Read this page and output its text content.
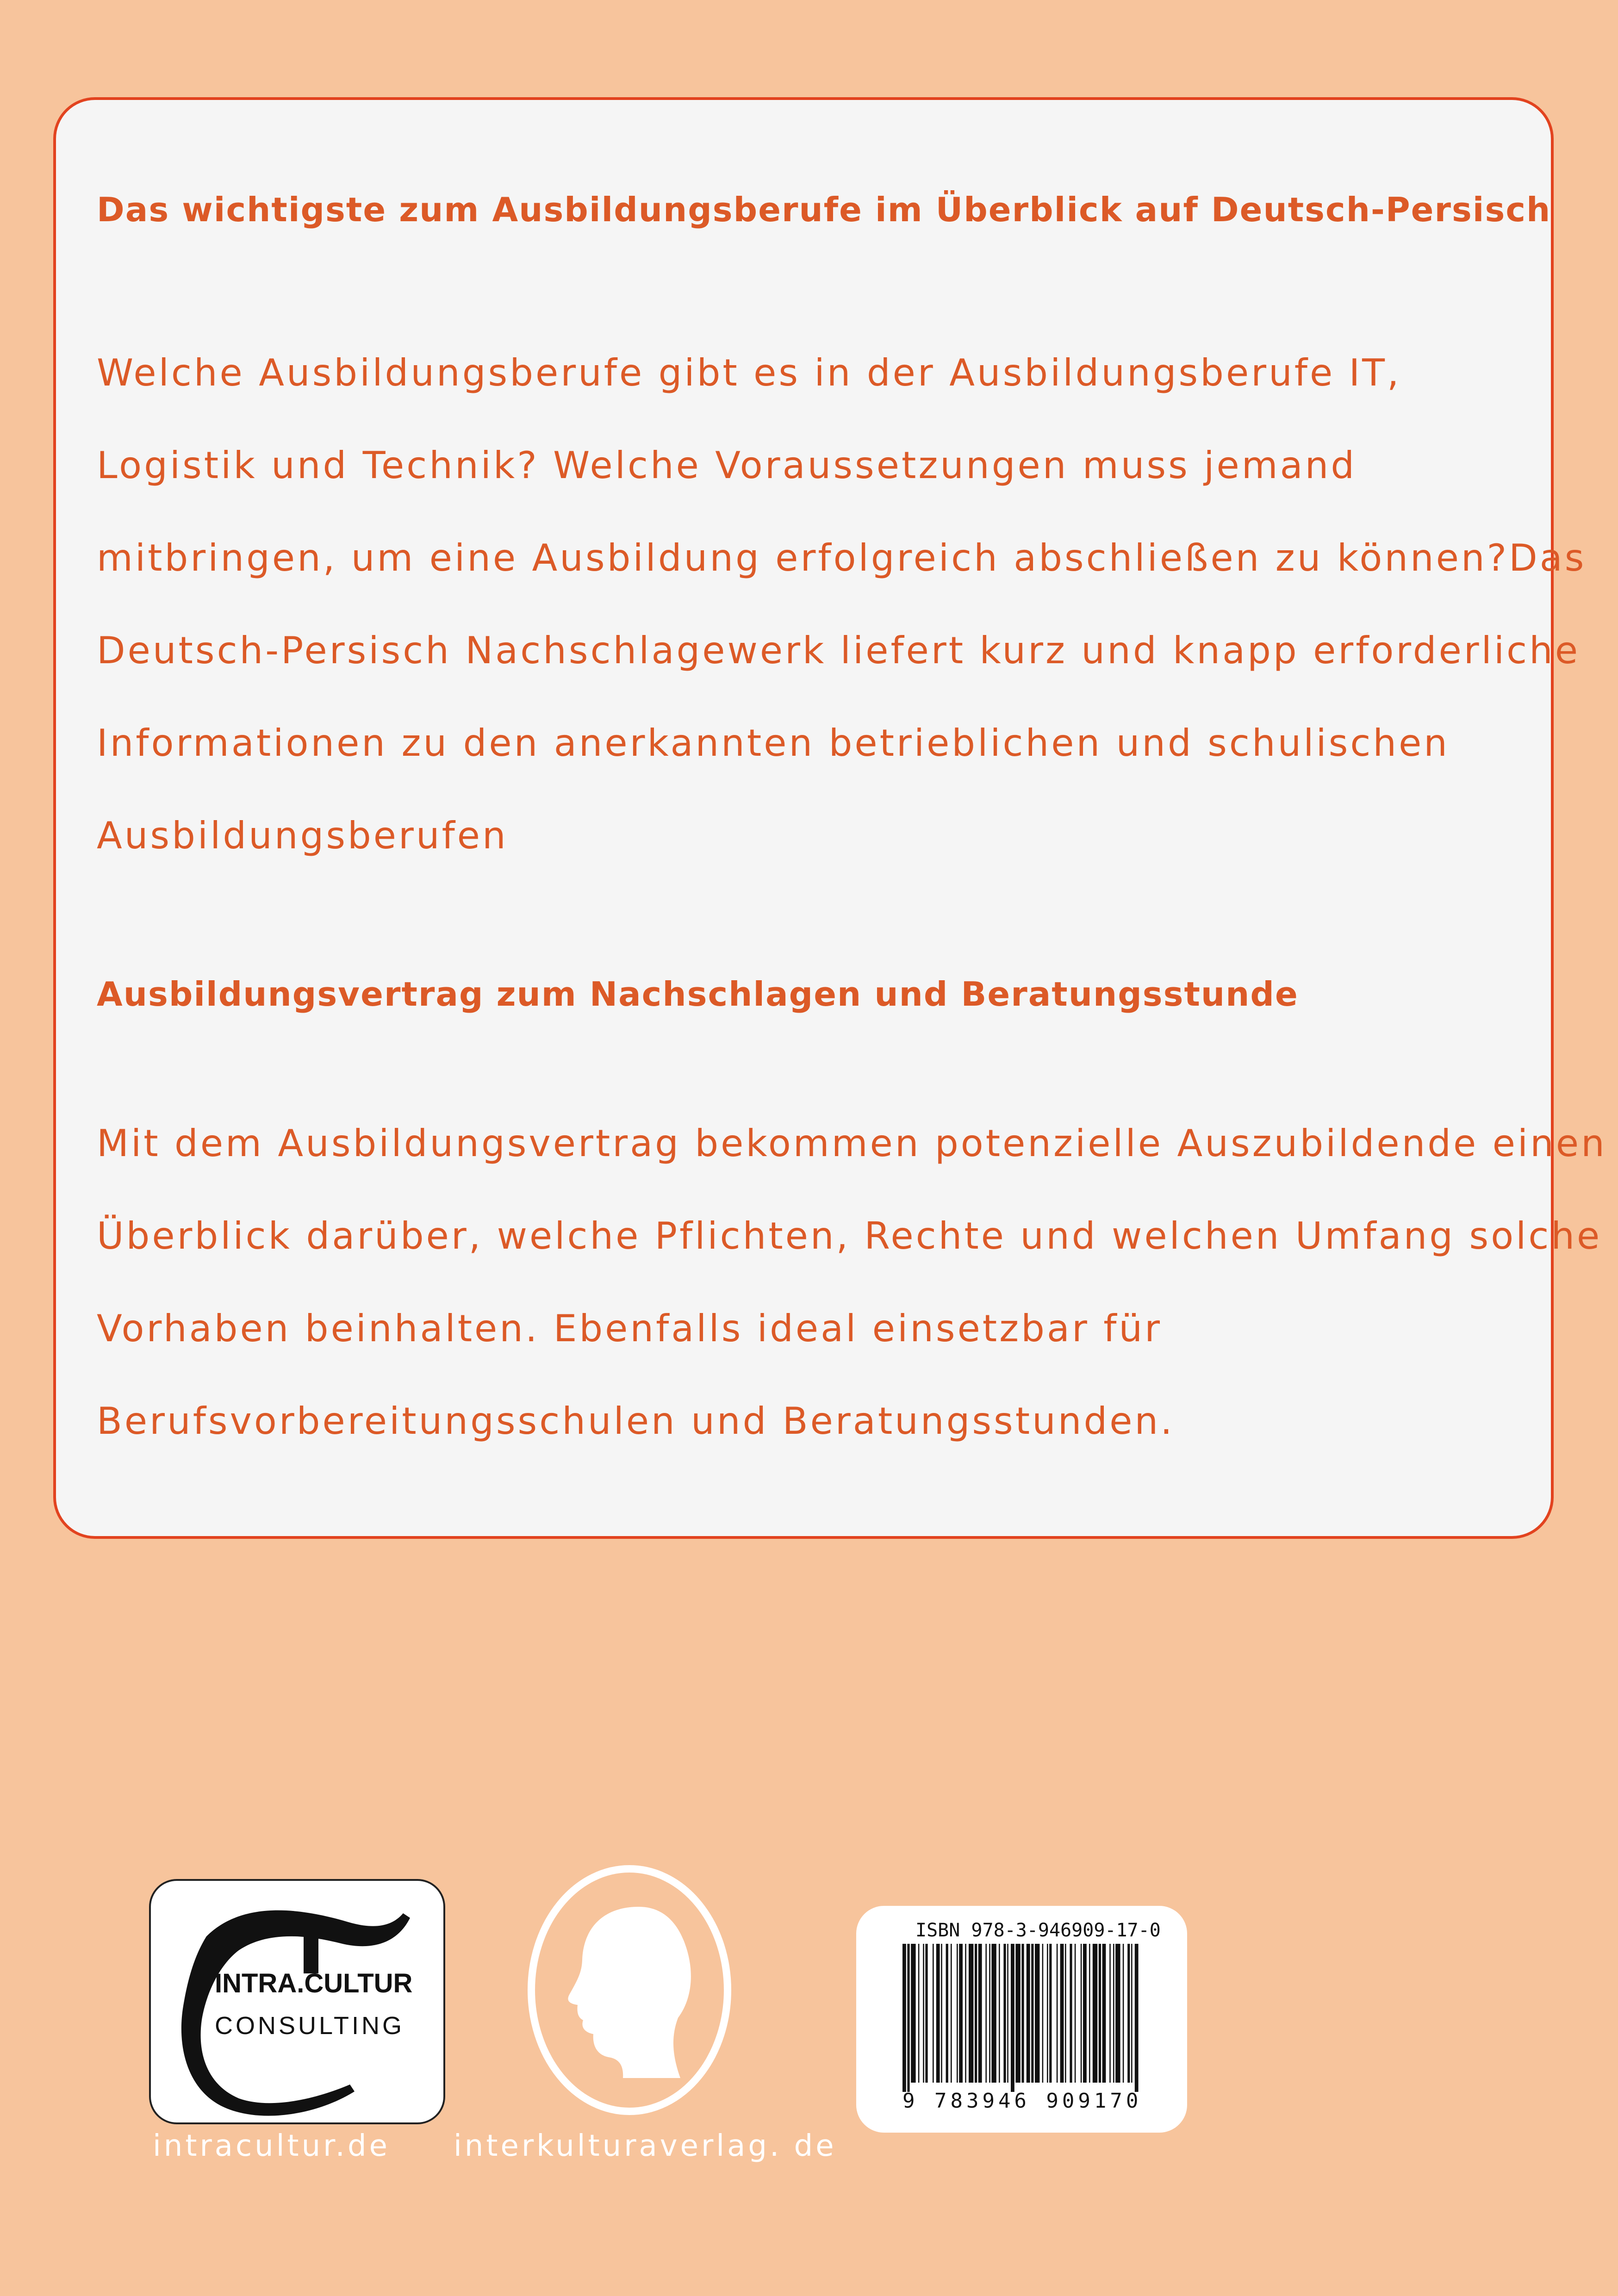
Das wichtigste zum Ausbildungsberufe im Überblick auf Deutsch-Persisch

Welche Ausbildungsberufe gibt es in der Ausbildungsberufe IT,

Logistik und Technik? Welche Voraussetzungen muss jemand

mitbringen, um eine Ausbildung erfolgreich abschließen zu können?Das

Deutsch-Persisch Nachschlagewerk liefert kurz und knapp erforderliche

Informationen zu den anerkannten betrieblichen und schulischen

Ausbildungsberufen

Ausbildungsvertrag zum Nachschlagen und Beratungsstunde

Mit dem Ausbildungsvertrag bekommen potenzielle Auszubildende einen

Überblick darüber, welche Pflichten, Rechte und welchen Umfang solche

Vorhaben beinhalten. Ebenfalls ideal einsetzbar für

Berufsvorbereitungsschulen und Beratungsstunden.

INTRA.CULTUR
CONSULTING
intracultur.de interkulturaverlag. de
ISBN 978-3-946909-17-0
9 783946 909170
